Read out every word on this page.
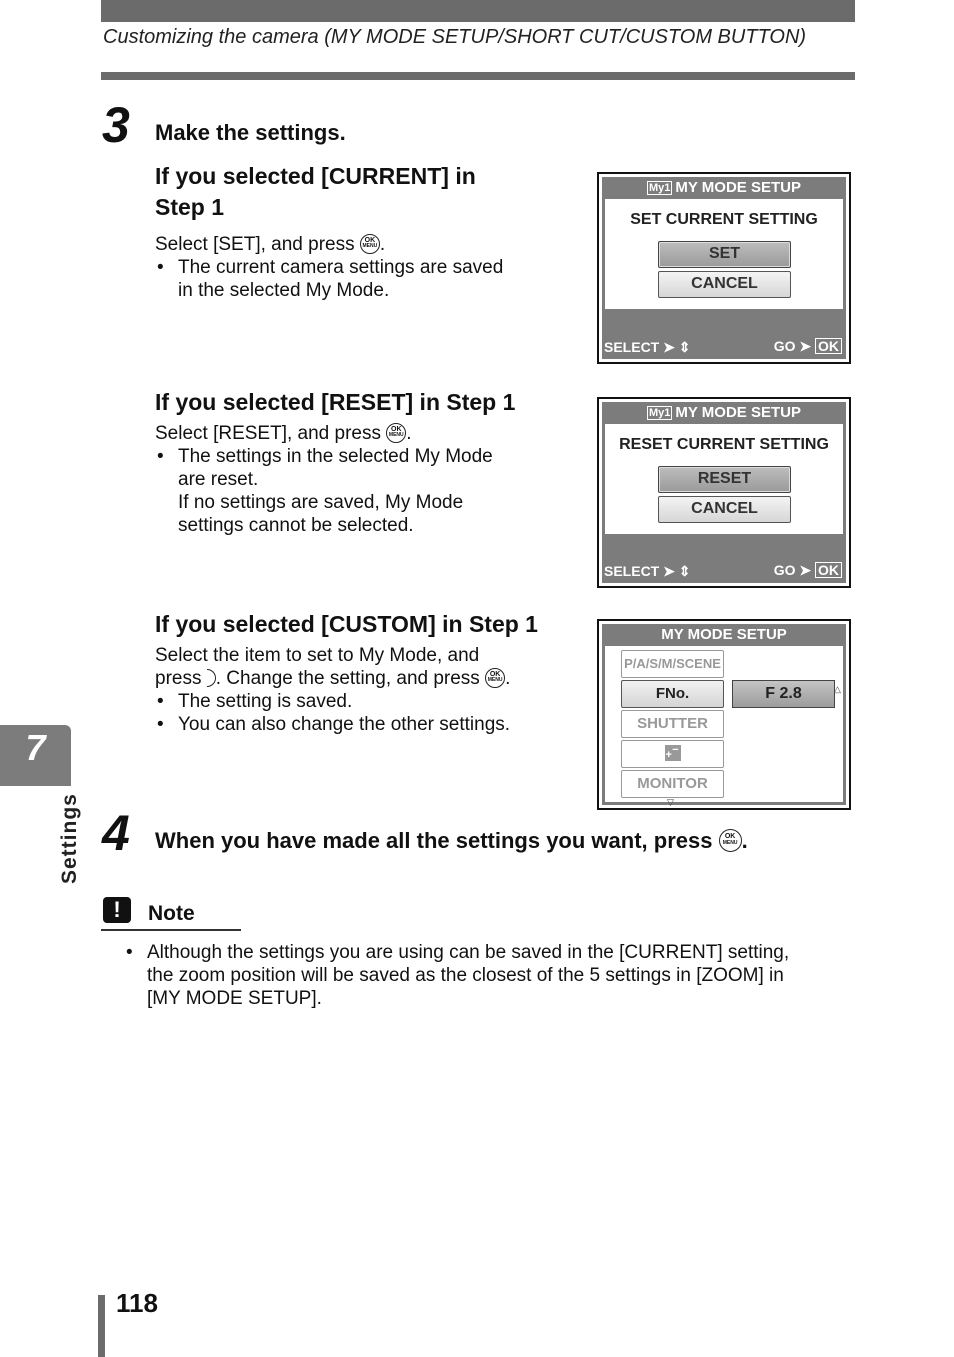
Customizing the camera (MY MODE SETUP/SHORT CUT/CUSTOM BUTTON)
3 Make the settings.
If you selected [CURRENT] in
Step 1
Select [SET], and press	OK
MENU .
• The current camera settings are saved
in the selected My Mode.
My1 MY MODE SETUP
SET CURRENT SETTING
SET
CANCEL
SELECT ➤ ⇕	GO ➤ OK
If you selected [RESET] in Step 1
Select [RESET], and press	OK
MENU .
• The settings in the selected My Mode
are reset.
If no settings are saved, My Mode
settings cannot be selected.
My1 MY MODE SETUP
RESET CURRENT SETTING
RESET
CANCEL
SELECT ➤ ⇕	GO ➤ OK
If you selected [CUSTOM] in Step 1
Select the item to set to My Mode, and
press . Change the setting, and press	OK
MENU .
• The setting is saved.
• You can also change the other settings.
MY MODE SETUP
P/A/S/M/SCENE
FNo.
SHUTTER
+ −
MONITOR
F 2.8	△
▽
4 When you have made all the settings you want, press	OK
MENU .
!	Note
• Although the settings you are using can be saved in the [CURRENT] setting,
the zoom position will be saved as the closest of the 5 settings in [ZOOM] in
[MY MODE SETUP].
7
Settings
118
